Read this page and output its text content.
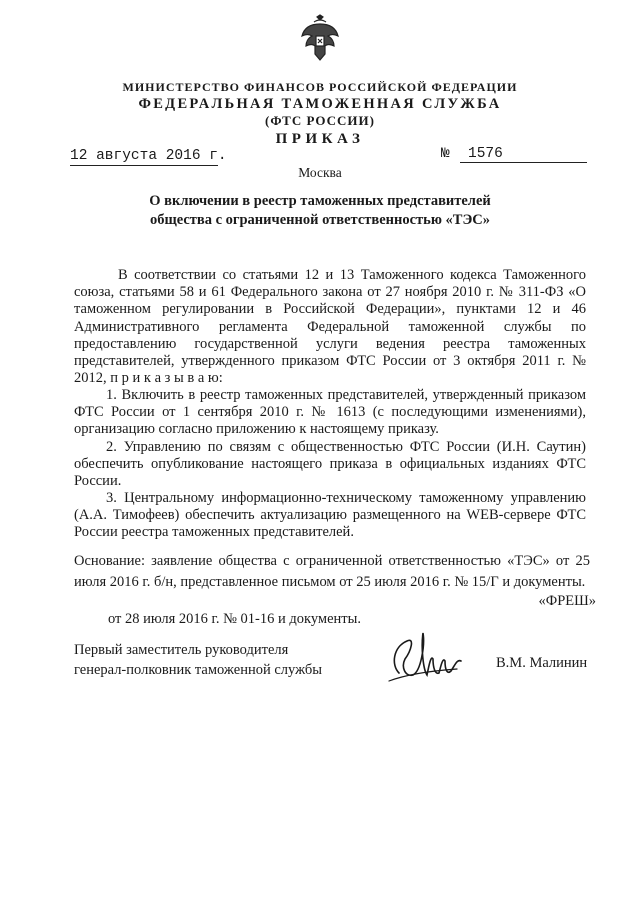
МИНИСТЕРСТВО ФИНАНСОВ РОССИЙСКОЙ ФЕДЕРАЦИИ
ФЕДЕРАЛЬНАЯ ТАМОЖЕННАЯ СЛУЖБА
(ФТС РОССИИ)
ПРИКАЗ
12 августа 2016 г.	№ 1576
Москва
О включении в реестр таможенных представителей
общества с ограниченной ответственностью «ТЭС»
В соответствии со статьями 12 и 13 Таможенного кодекса Таможенного союза, статьями 58 и 61 Федерального закона от 27 ноября 2010 г. № 311-ФЗ «О таможенном регулировании в Российской Федерации», пунктами 12 и 46 Административного регламента Федеральной таможенной службы по предоставлению государственной услуги ведения реестра таможенных представителей, утвержденного приказом ФТС России от 3 октября 2011 г. № 2012, п р и к а з ы в а ю:
1. Включить в реестр таможенных представителей, утвержденный приказом ФТС России от 1 сентября 2010 г. № 1613 (с последующими изменениями), организацию согласно приложению к настоящему приказу.
2. Управлению по связям с общественностью ФТС России (И.Н. Саутин) обеспечить опубликование настоящего приказа в официальных изданиях ФТС России.
3. Центральному информационно-техническому таможенному управлению (А.А. Тимофеев) обеспечить актуализацию размещенного на WEB-сервере ФТС России реестра таможенных представителей.
Основание: заявление общества с ограниченной ответственностью «ТЭС» от 25 июля 2016 г. б/н, представленное письмом от 25 июля 2016 г. № 15/Г и документы.
«ФРЕШ»
от 28 июля 2016 г. № 01-16 и документы.
Первый заместитель руководителя
генерал-полковник таможенной службы	В.М. Малинин
